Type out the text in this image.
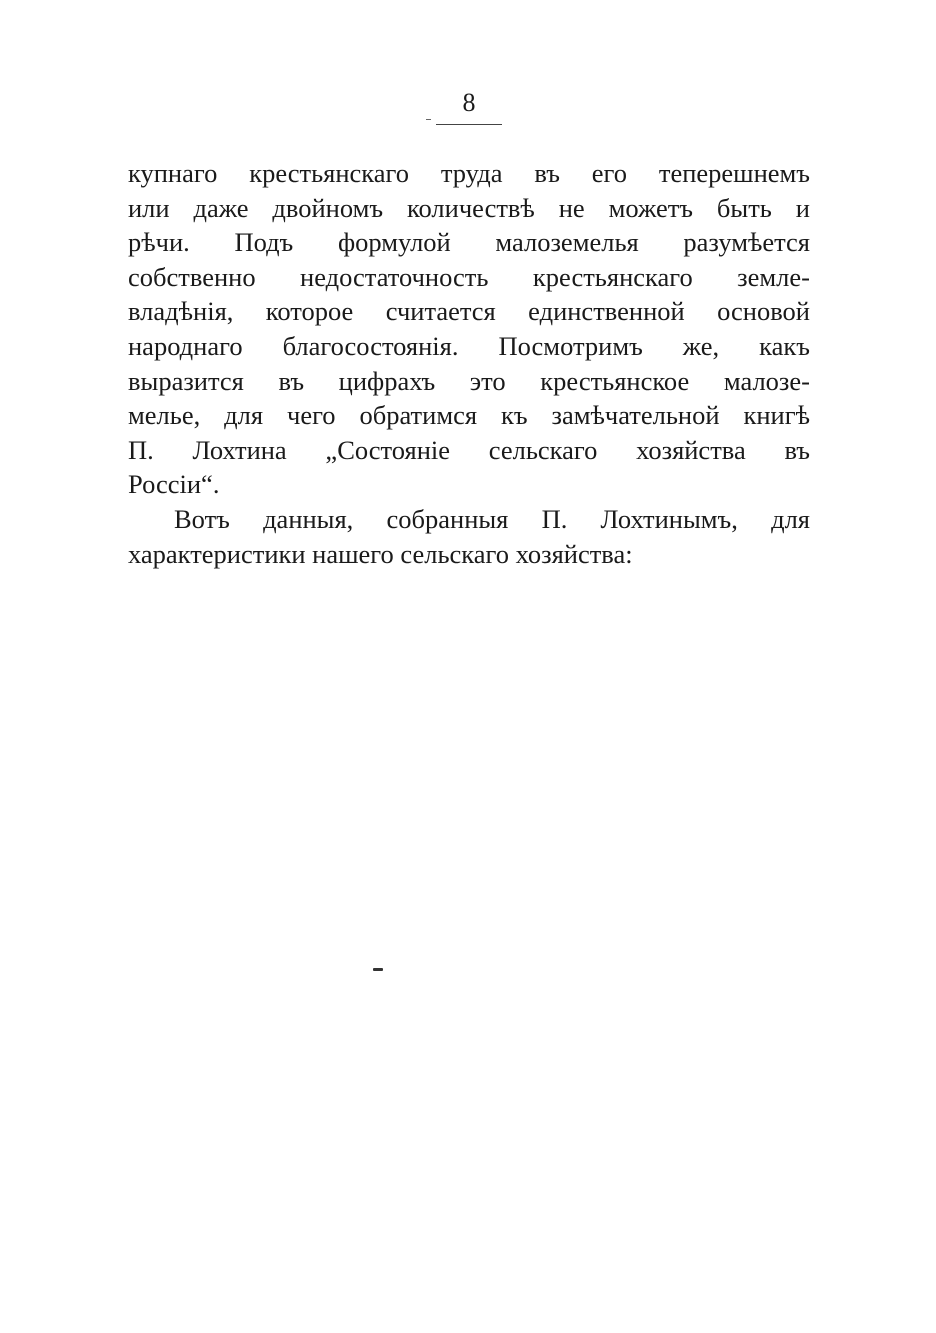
8
купнаго крестьянскаго труда въ его теперешнемъ
или даже двойномъ количествѣ не можетъ быть и
рѣчи. Подъ формулой малоземелья разумѣется
собственно недостаточность крестьянскаго земле-
владѣнія, которое считается единственной основой
народнаго благосостоянія. Посмотримъ же, какъ
выразится въ цифрахъ это крестьянское малозе-
мелье, для чего обратимся къ замѣчательной книгѣ
П. Лохтина „Состояніе сельскаго хозяйства въ
Россіи“.
Вотъ данныя, собранныя П. Лохтинымъ, для
характеристики нашего сельскаго хозяйства:
